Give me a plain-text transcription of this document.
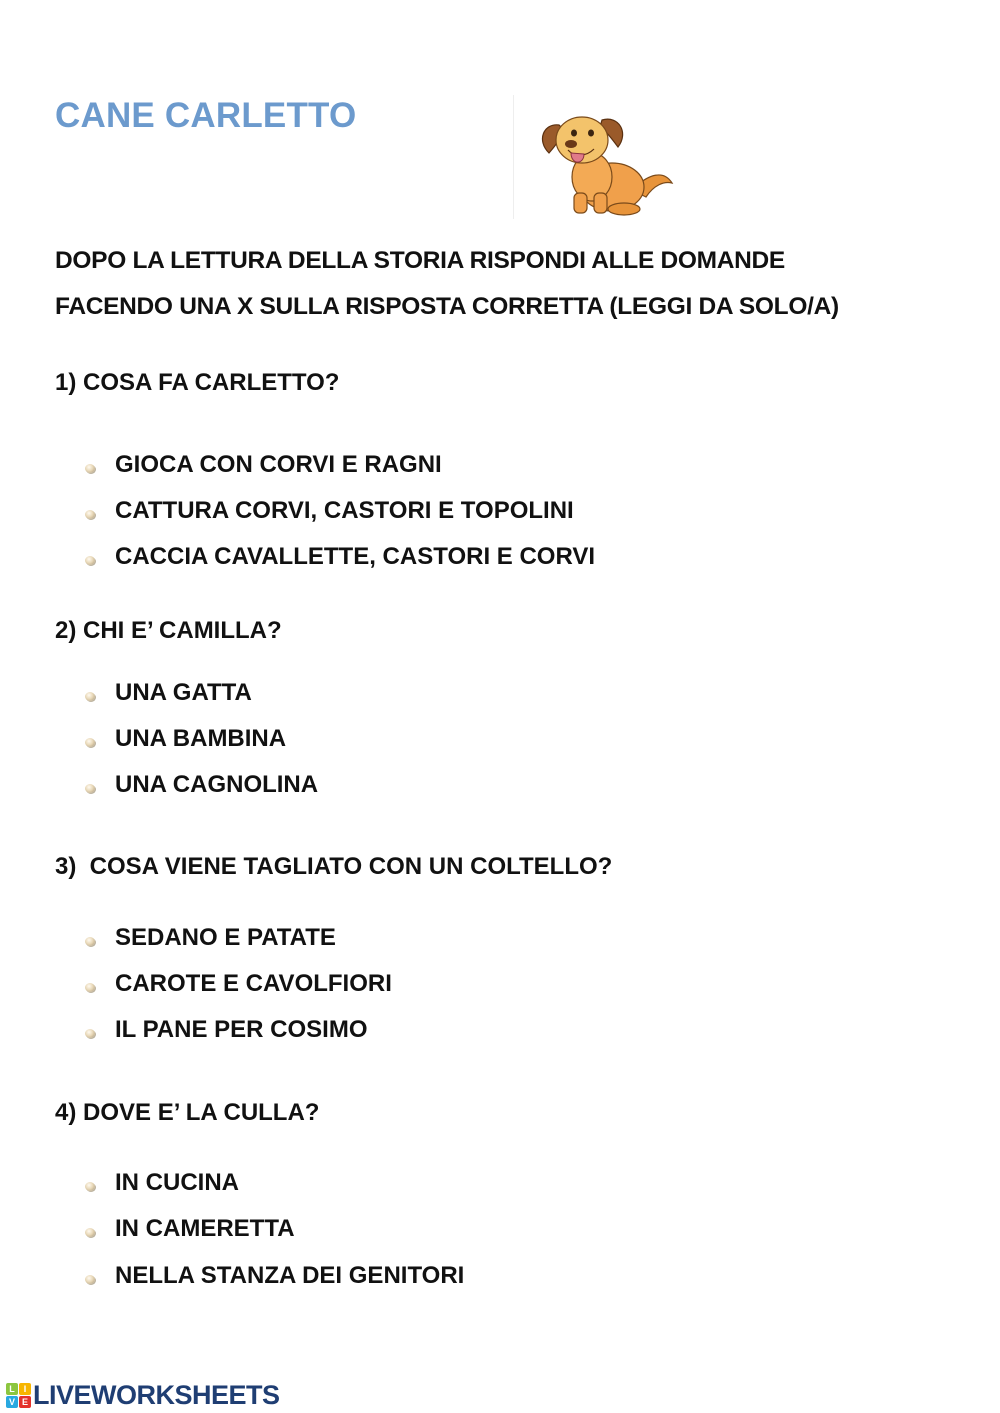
CANE CARLETTO
DOPO LA LETTURA DELLA STORIA RISPONDI ALLE DOMANDE
FACENDO UNA X SULLA RISPOSTA CORRETTA (LEGGI DA SOLO/A)
1) COSA FA CARLETTO?
GIOCA CON CORVI E RAGNI
CATTURA CORVI, CASTORI E TOPOLINI
CACCIA CAVALLETTE, CASTORI E CORVI
2) CHI E’ CAMILLA?
UNA GATTA
UNA BAMBINA
UNA CAGNOLINA
3)  COSA VIENE TAGLIATO CON UN COLTELLO?
SEDANO E PATATE
CAROTE E CAVOLFIORI
IL PANE PER COSIMO
4) DOVE E’ LA CULLA?
IN CUCINA
IN CAMERETTA
NELLA STANZA DEI GENITORI
L I
V E LIVEWORKSHEETS
